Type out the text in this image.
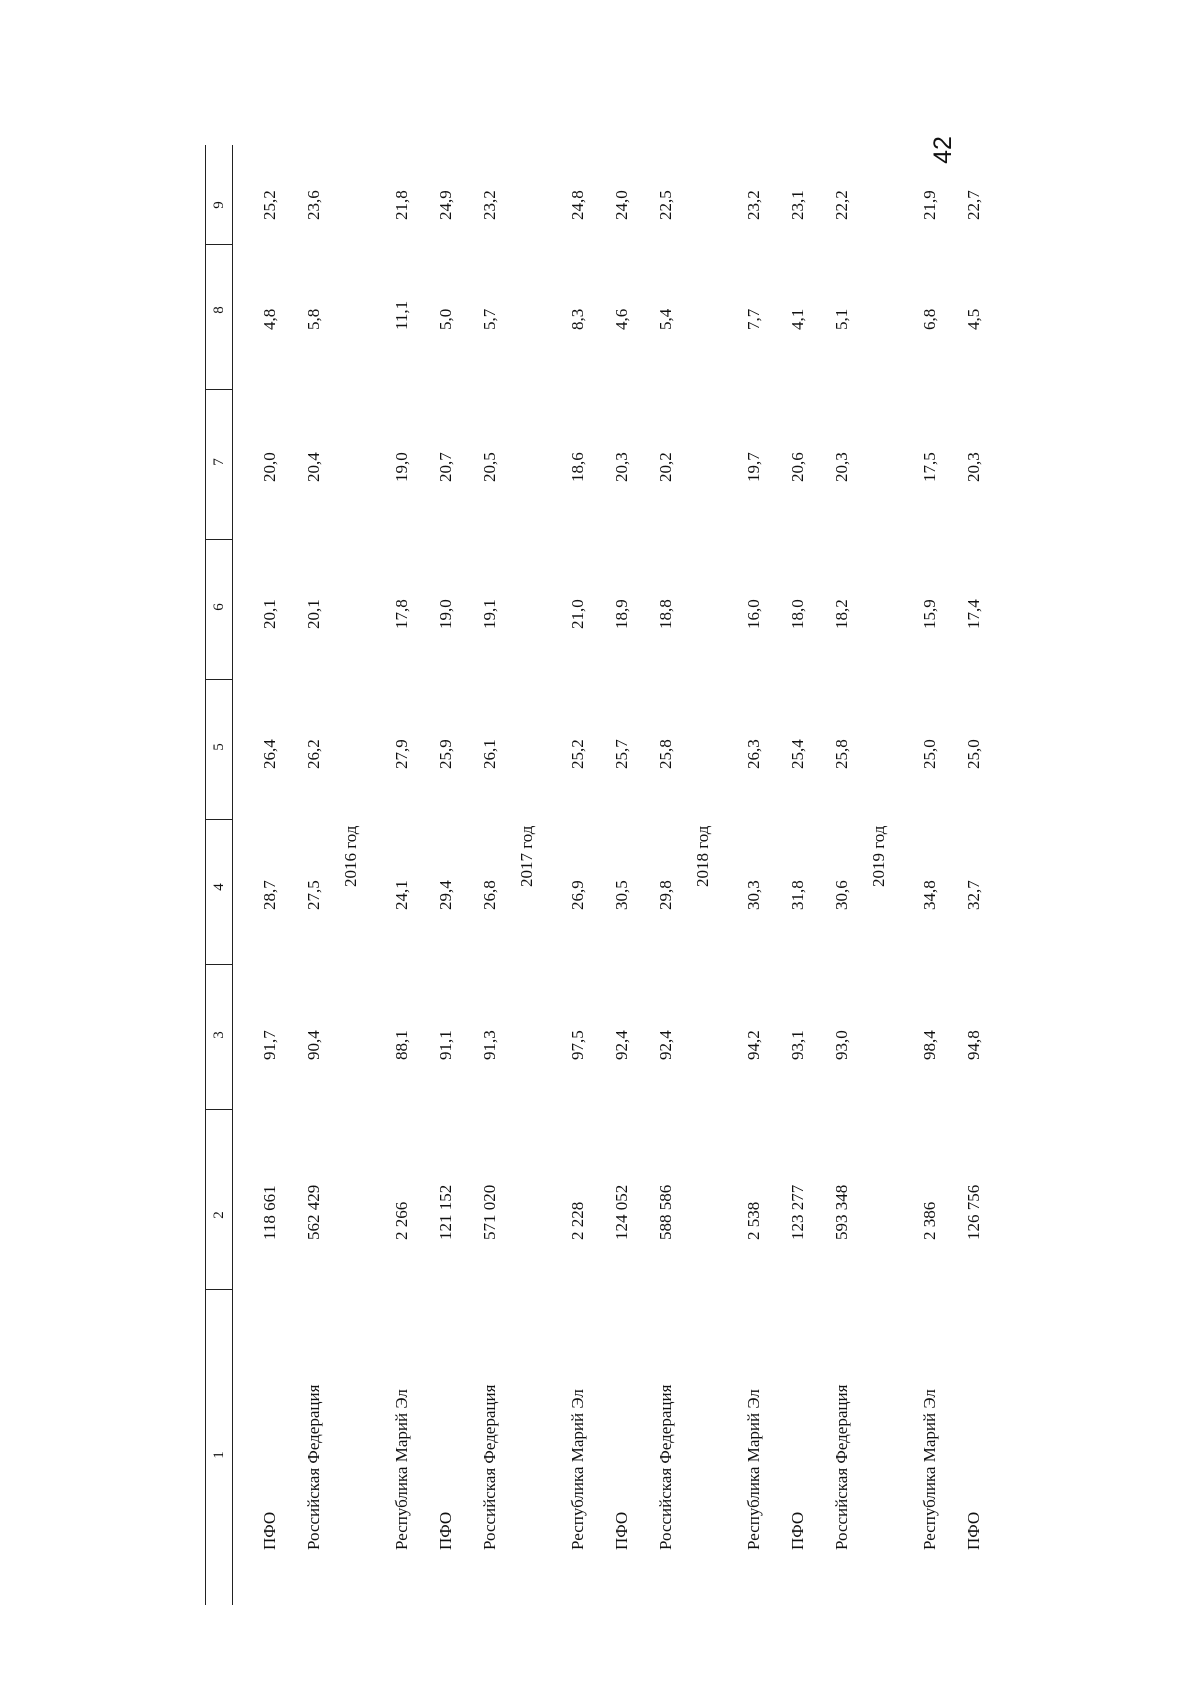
42
1
2
3
4
5
6
7
8
9
ПФО
118 661
91,7
28,7
26,4
20,1
20,0
4,8
25,2
Российская Федерация
562 429
90,4
27,5
26,2
20,1
20,4
5,8
23,6
2016 год
Республика Марий Эл
2 266
88,1
24,1
27,9
17,8
19,0
11,1
21,8
ПФО
121 152
91,1
29,4
25,9
19,0
20,7
5,0
24,9
Российская Федерация
571 020
91,3
26,8
26,1
19,1
20,5
5,7
23,2
2017 год
Республика Марий Эл
2 228
97,5
26,9
25,2
21,0
18,6
8,3
24,8
ПФО
124 052
92,4
30,5
25,7
18,9
20,3
4,6
24,0
Российская Федерация
588 586
92,4
29,8
25,8
18,8
20,2
5,4
22,5
2018 год
Республика Марий Эл
2 538
94,2
30,3
26,3
16,0
19,7
7,7
23,2
ПФО
123 277
93,1
31,8
25,4
18,0
20,6
4,1
23,1
Российская Федерация
593 348
93,0
30,6
25,8
18,2
20,3
5,1
22,2
2019 год
Республика Марий Эл
2 386
98,4
34,8
25,0
15,9
17,5
6,8
21,9
ПФО
126 756
94,8
32,7
25,0
17,4
20,3
4,5
22,7
